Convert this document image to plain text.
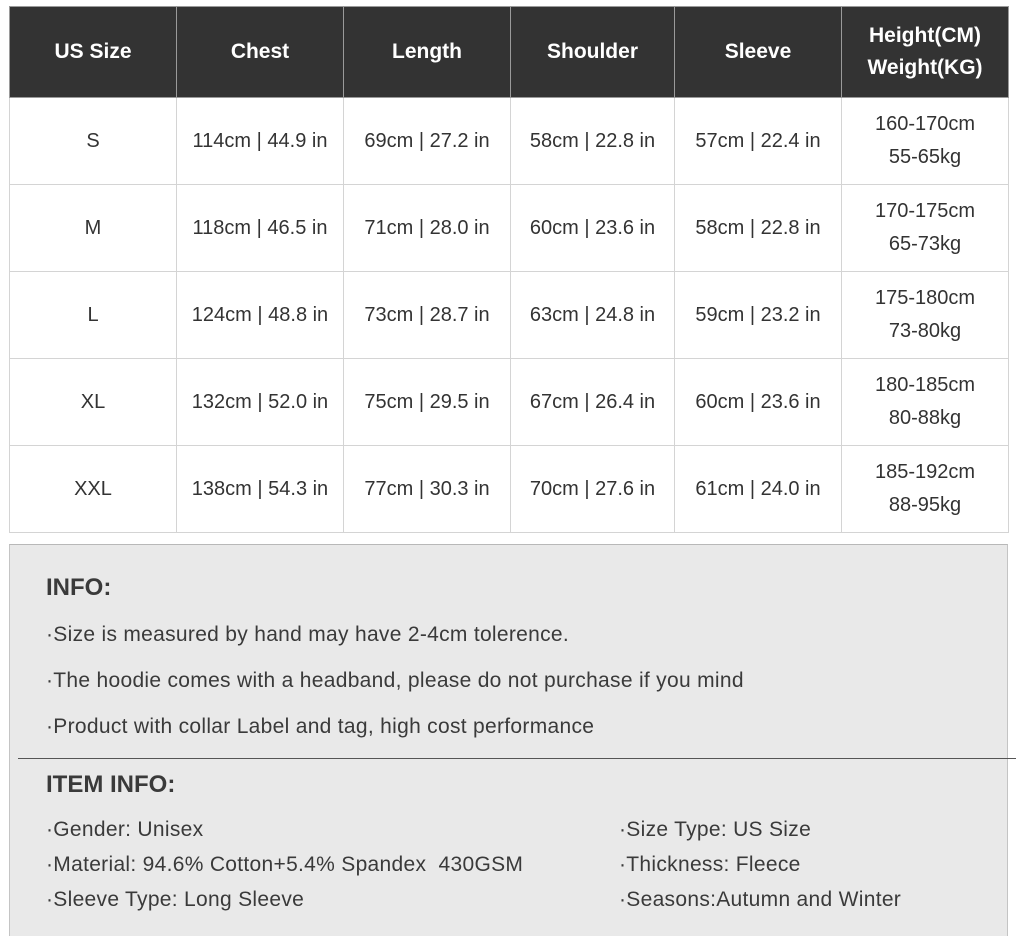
US Size	Chest	Length	Shoulder	Sleeve	Height(CM)
Weight(KG)

S	114cm | 44.9 in	69cm | 27.2 in	58cm | 22.8 in	57cm | 22.4 in	160-170cm
55-65kg

M	118cm | 46.5 in	71cm | 28.0 in	60cm | 23.6 in	58cm | 22.8 in	170-175cm
65-73kg

L	124cm | 48.8 in	73cm | 28.7 in	63cm | 24.8 in	59cm | 23.2 in	175-180cm
73-80kg

XL	132cm | 52.0 in	75cm | 29.5 in	67cm | 26.4 in	60cm | 23.6 in	180-185cm
80-88kg

XXL	138cm | 54.3 in	77cm | 30.3 in	70cm | 27.6 in	61cm | 24.0 in	185-192cm
88-95kg
INFO:
·Size is measured by hand may have 2-4cm tolerence.
·The hoodie comes with a headband, please do not purchase if you mind
·Product with collar Label and tag, high cost performance
ITEM INFO:
·Gender: Unisex
·Material: 94.6% Cotton+5.4% Spandex  430GSM
·Sleeve Type: Long Sleeve
·Size Type: US Size
·Thickness: Fleece
·Seasons:Autumn and Winter
